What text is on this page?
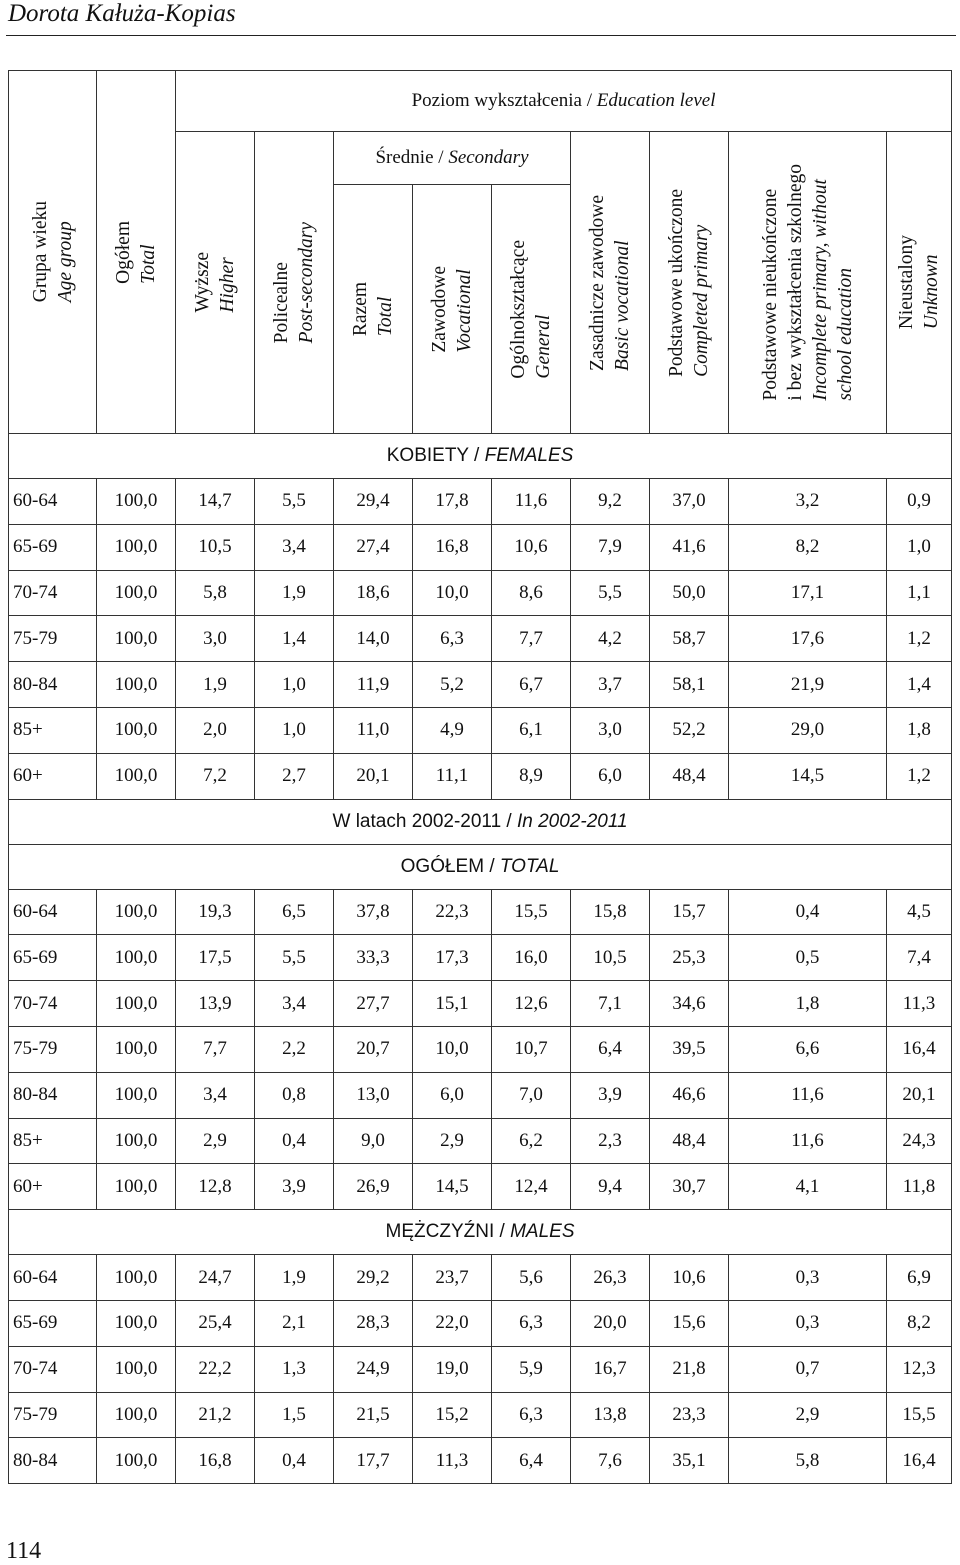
Dorota Kałuża-Kopias
Grupa wieku Age group	Ogółem Total	Poziom wykształcenia / Education level								
		Wyższe Higher	Policealne Post-secondary	Średnie / Secondary			Zasadnicze zawodowe Basic vocational	Podstawowe ukończone Completed primary	Podstawowe nieukończone i bez wykształcenia szkolnego Incomplete primary, without school education	Nieustalony Unknown
				Razem Total	Zawodowe Vocational	Ogólnokształcące General				
KOBIETY / FEMALES										
60-64	100,0	14,7	5,5	29,4	17,8	11,6	9,2	37,0	3,2	0,9
65-69	100,0	10,5	3,4	27,4	16,8	10,6	7,9	41,6	8,2	1,0
70-74	100,0	5,8	1,9	18,6	10,0	8,6	5,5	50,0	17,1	1,1
75-79	100,0	3,0	1,4	14,0	6,3	7,7	4,2	58,7	17,6	1,2
80-84	100,0	1,9	1,0	11,9	5,2	6,7	3,7	58,1	21,9	1,4
85+	100,0	2,0	1,0	11,0	4,9	6,1	3,0	52,2	29,0	1,8
60+	100,0	7,2	2,7	20,1	11,1	8,9	6,0	48,4	14,5	1,2
W latach 2002-2011 / In 2002-2011										
OGÓŁEM / TOTAL										
60-64	100,0	19,3	6,5	37,8	22,3	15,5	15,8	15,7	0,4	4,5
65-69	100,0	17,5	5,5	33,3	17,3	16,0	10,5	25,3	0,5	7,4
70-74	100,0	13,9	3,4	27,7	15,1	12,6	7,1	34,6	1,8	11,3
75-79	100,0	7,7	2,2	20,7	10,0	10,7	6,4	39,5	6,6	16,4
80-84	100,0	3,4	0,8	13,0	6,0	7,0	3,9	46,6	11,6	20,1
85+	100,0	2,9	0,4	9,0	2,9	6,2	2,3	48,4	11,6	24,3
60+	100,0	12,8	3,9	26,9	14,5	12,4	9,4	30,7	4,1	11,8
MĘŻCZYŹNI / MALES										
60-64	100,0	24,7	1,9	29,2	23,7	5,6	26,3	10,6	0,3	6,9
65-69	100,0	25,4	2,1	28,3	22,0	6,3	20,0	15,6	0,3	8,2
70-74	100,0	22,2	1,3	24,9	19,0	5,9	16,7	21,8	0,7	12,3
75-79	100,0	21,2	1,5	21,5	15,2	6,3	13,8	23,3	2,9	15,5
80-84	100,0	16,8	0,4	17,7	11,3	6,4	7,6	35,1	5,8	16,4
114
